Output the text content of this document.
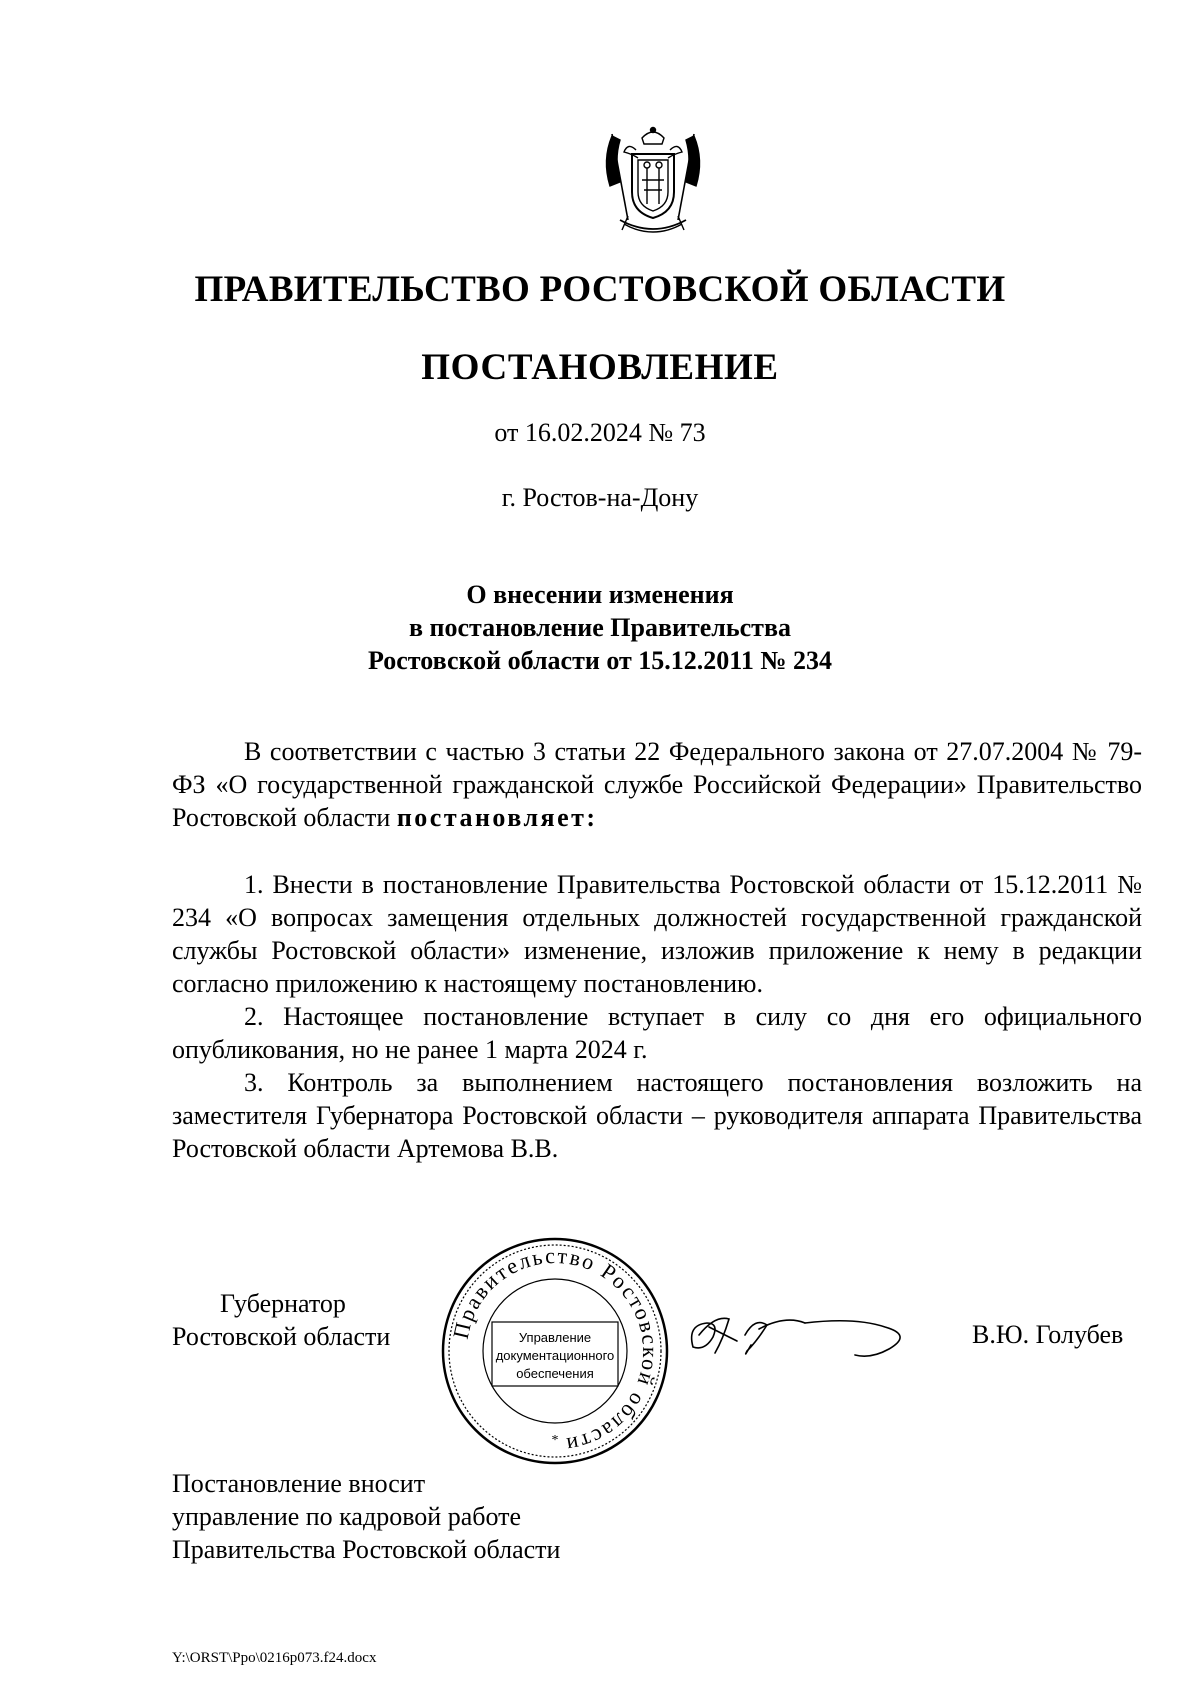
ПРАВИТЕЛЬСТВО РОСТОВСКОЙ ОБЛАСТИ
ПОСТАНОВЛЕНИЕ
от 16.02.2024 № 73
г. Ростов-на-Дону
О внесении изменения
в постановление Правительства
Ростовской области от 15.12.2011 № 234

В соответствии с частью 3 статьи 22 Федерального закона от 27.07.2004 № 79-ФЗ «О государственной гражданской службе Российской Федерации» Правительство Ростовской области постановляет:

1. Внести в постановление Правительства Ростовской области от 15.12.2011 № 234 «О вопросах замещения отдельных должностей государственной гражданской службы Ростовской области» изменение, изложив приложение к нему в редакции согласно приложению к настоящему постановлению.

2. Настоящее постановление вступает в силу со дня его официального опубликования, но не ранее 1 марта 2024 г.

3. Контроль за выполнением настоящего постановления возложить на заместителя Губернатора Ростовской области – руководителя аппарата Правительства Ростовской области Артемова В.В.

Губернатор
Ростовской области	Правительство Ростовской области
Управление
документационного
обеспечения
*
В.Ю. Голубев
Постановление вносит
управление по кадровой работе
Правительства Ростовской области
Y:\ORST\Ppo\0216p073.f24.docx
